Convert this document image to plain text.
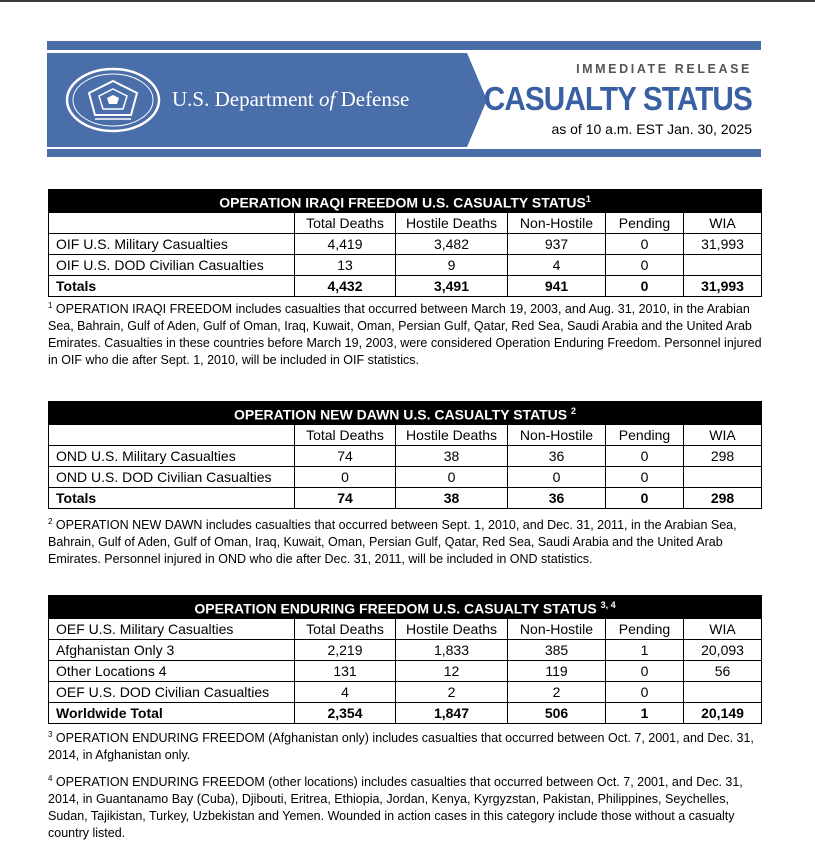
U.S. Department of Defense
IMMEDIATE RELEASE
CASUALTY STATUS
as of 10 a.m. EST Jan. 30, 2025
OPERATION IRAQI FREEDOM U.S. CASUALTY STATUS$^1$
	Total Deaths	Hostile Deaths	Non-Hostile	Pending	WIA
OIF U.S. Military Casualties	4,419	3,482	937	0	31,993
OIF U.S. DOD Civilian Casualties	13	9	4	0	
Totals	4,432	3,491	941	0	31,993
$^1$ OPERATION IRAQI FREEDOM includes casualties that occurred between March 19, 2003, and Aug. 31, 2010, in the Arabian Sea, Bahrain, Gulf of Aden, Gulf of Oman, Iraq, Kuwait, Oman, Persian Gulf, Qatar, Red Sea, Saudi Arabia and the United Arab Emirates. Casualties in these countries before March 19, 2003, were considered Operation Enduring Freedom. Personnel injured in OIF who die after Sept. 1, 2010, will be included in OIF statistics.
OPERATION NEW DAWN U.S. CASUALTY STATUS $^2$
	Total Deaths	Hostile Deaths	Non-Hostile	Pending	WIA
OND U.S. Military Casualties	74	38	36	0	298
OND U.S. DOD Civilian Casualties	0	0	0	0	
Totals	74	38	36	0	298
$^2$ OPERATION NEW DAWN includes casualties that occurred between Sept. 1, 2010, and Dec. 31, 2011, in the Arabian Sea, Bahrain, Gulf of Aden, Gulf of Oman, Iraq, Kuwait, Oman, Persian Gulf, Qatar, Red Sea, Saudi Arabia and the United Arab Emirates. Personnel injured in OND who die after Dec. 31, 2011, will be included in OND statistics.
OPERATION ENDURING FREEDOM U.S. CASUALTY STATUS $^{3, 4}$
OEF U.S. Military Casualties	Total Deaths	Hostile Deaths	Non-Hostile	Pending	WIA
Afghanistan Only 3	2,219	1,833	385	1	20,093
Other Locations 4	131	12	119	0	56
OEF U.S. DOD Civilian Casualties	4	2	2	0	
Worldwide Total	2,354	1,847	506	1	20,149
$^3$ OPERATION ENDURING FREEDOM (Afghanistan only) includes casualties that occurred between Oct. 7, 2001, and Dec. 31, 2014, in Afghanistan only.
$^4$ OPERATION ENDURING FREEDOM (other locations) includes casualties that occurred between Oct. 7, 2001, and Dec. 31, 2014, in Guantanamo Bay (Cuba), Djibouti, Eritrea, Ethiopia, Jordan, Kenya, Kyrgyzstan, Pakistan, Philippines, Seychelles, Sudan, Tajikistan, Turkey, Uzbekistan and Yemen. Wounded in action cases in this category include those without a casualty country listed.
